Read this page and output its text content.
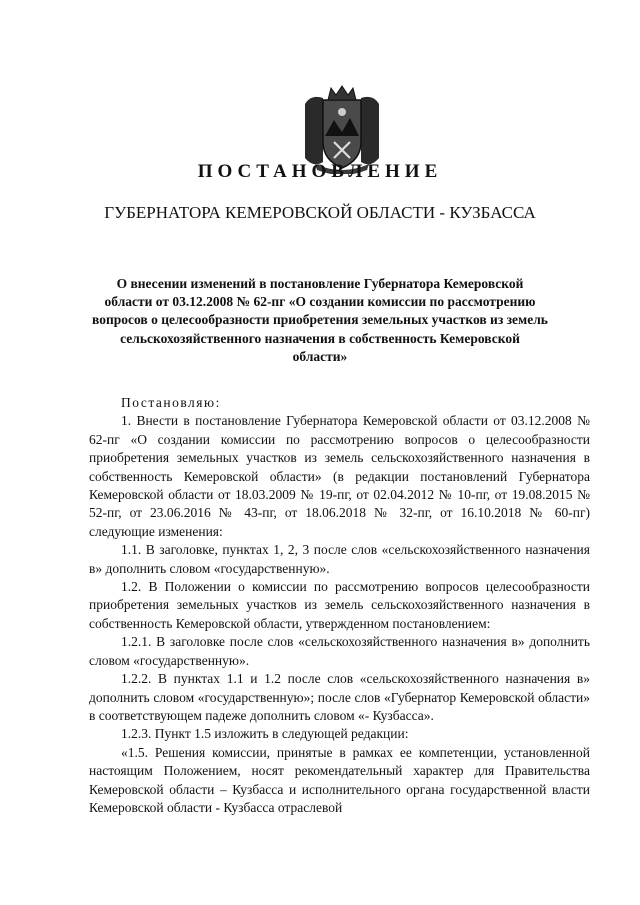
ПОСТАНОВЛЕНИЕ
ГУБЕРНАТОРА КЕМЕРОВСКОЙ ОБЛАСТИ - КУЗБАССА
О внесении изменений в постановление Губернатора Кемеровской области от 03.12.2008 № 62-пг «О создании комиссии по рассмотрению вопросов о целесообразности приобретения земельных участков из земель сельскохозяйственного назначения в собственность Кемеровской области»

Постановляю:

1. Внести в постановление Губернатора Кемеровской области от 03.12.2008 № 62-пг «О создании комиссии по рассмотрению вопросов о целесообразности приобретения земельных участков из земель сельскохозяйственного назначения в собственность Кемеровской области» (в редакции постановлений Губернатора Кемеровской области от 18.03.2009 № 19-пг, от 02.04.2012 № 10-пг, от 19.08.2015 № 52-пг, от 23.06.2016 № 43-пг, от 18.06.2018 № 32-пг, от 16.10.2018 № 60-пг) следующие изменения:

1.1. В заголовке, пунктах 1, 2, 3 после слов «сельскохозяйственного назначения в» дополнить словом «государственную».

1.2. В Положении о комиссии по рассмотрению вопросов целесообразности приобретения земельных участков из земель сельскохозяйственного назначения в собственность Кемеровской области, утвержденном постановлением:

1.2.1. В заголовке после слов «сельскохозяйственного назначения в» дополнить словом «государственную».

1.2.2. В пунктах 1.1 и 1.2 после слов «сельскохозяйственного назначения в» дополнить словом «государственную»; после слов «Губернатор Кемеровской области» в соответствующем падеже дополнить словом «- Кузбасса».

1.2.3. Пункт 1.5 изложить в следующей редакции:

«1.5. Решения комиссии, принятые в рамках ее компетенции, установленной настоящим Положением, носят рекомендательный характер для Правительства Кемеровской области – Кузбасса и исполнительного органа государственной власти Кемеровской области - Кузбасса отраслевой
